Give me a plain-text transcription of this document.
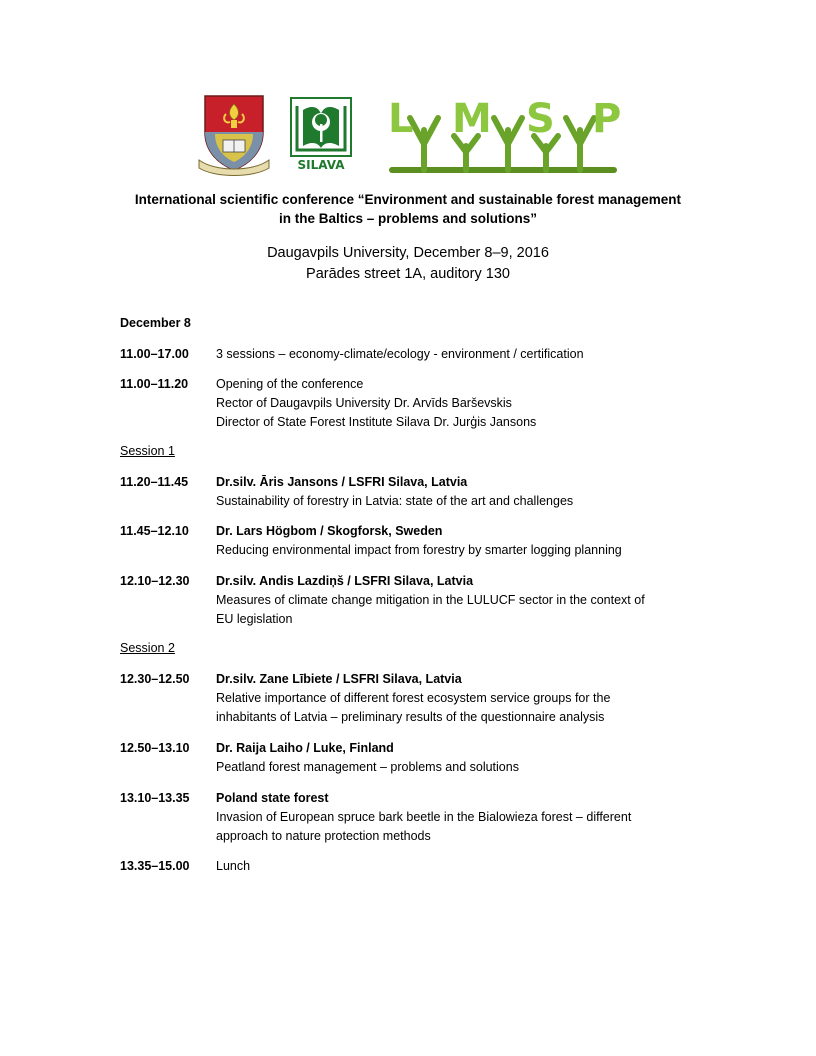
SILAVA
L M S P
International scientific conference “Environment and sustainable forest management
in the Baltics – problems and solutions”
Daugavpils University, December 8–9, 2016
Parādes street 1A, auditory 130
December 8
11.00–17.00	3 sessions – economy-climate/ecology - environment / certification
11.00–11.20	Opening of the conference
Rector of Daugavpils University Dr. Arvīds Barševskis
Director of State Forest Institute Silava Dr. Jurģis Jansons
Session 1
11.20–11.45	Dr.silv. Āris Jansons / LSFRI Silava, Latvia
Sustainability of forestry in Latvia: state of the art and challenges
11.45–12.10	Dr. Lars Högbom / Skogforsk, Sweden
Reducing environmental impact from forestry by smarter logging planning
12.10–12.30	Dr.silv. Andis Lazdiņš / LSFRI Silava, Latvia
Measures of climate change mitigation in the LULUCF sector in the context of
EU legislation
Session 2
12.30–12.50	Dr.silv. Zane Lībiete / LSFRI Silava, Latvia
Relative importance of different forest ecosystem service groups for the
inhabitants of Latvia – preliminary results of the questionnaire analysis
12.50–13.10	Dr. Raija Laiho / Luke, Finland
Peatland forest management – problems and solutions
13.10–13.35	Poland state forest
Invasion of European spruce bark beetle in the Bialowieza forest – different
approach to nature protection methods
13.35–15.00	Lunch
